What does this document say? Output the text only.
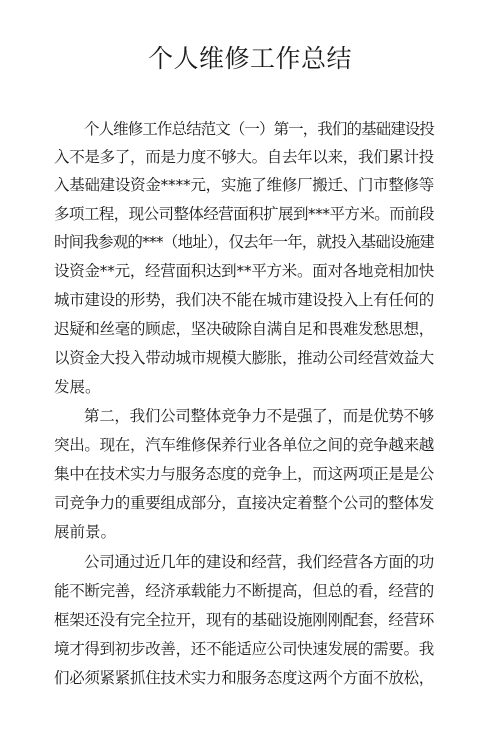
个人维修工作总结
个人维修工作总结范文（一）第一，我们的基础建设投
入不是多了，而是力度不够大。自去年以来，我们累计投
入基础建设资金****元，实施了维修厂搬迁、门市整修等
多项工程，现公司整体经营面积扩展到***平方米。而前段
时间我参观的***（地址），仅去年一年，就投入基础设施建
设资金**元，经营面积达到**平方米。面对各地竞相加快
城市建设的形势，我们决不能在城市建设投入上有任何的
迟疑和丝毫的顾虑，坚决破除自满自足和畏难发愁思想，
以资金大投入带动城市规模大膨胀，推动公司经营效益大
发展。
第二，我们公司整体竞争力不是强了，而是优势不够
突出。现在，汽车维修保养行业各单位之间的竞争越来越
集中在技术实力与服务态度的竞争上，而这两项正是是公
司竞争力的重要组成部分，直接决定着整个公司的整体发
展前景。
公司通过近几年的建设和经营，我们经营各方面的功
能不断完善，经济承载能力不断提高，但总的看，经营的
框架还没有完全拉开，现有的基础设施刚刚配套，经营环
境才得到初步改善，还不能适应公司快速发展的需要。我
们必须紧紧抓住技术实力和服务态度这两个方面不放松，
